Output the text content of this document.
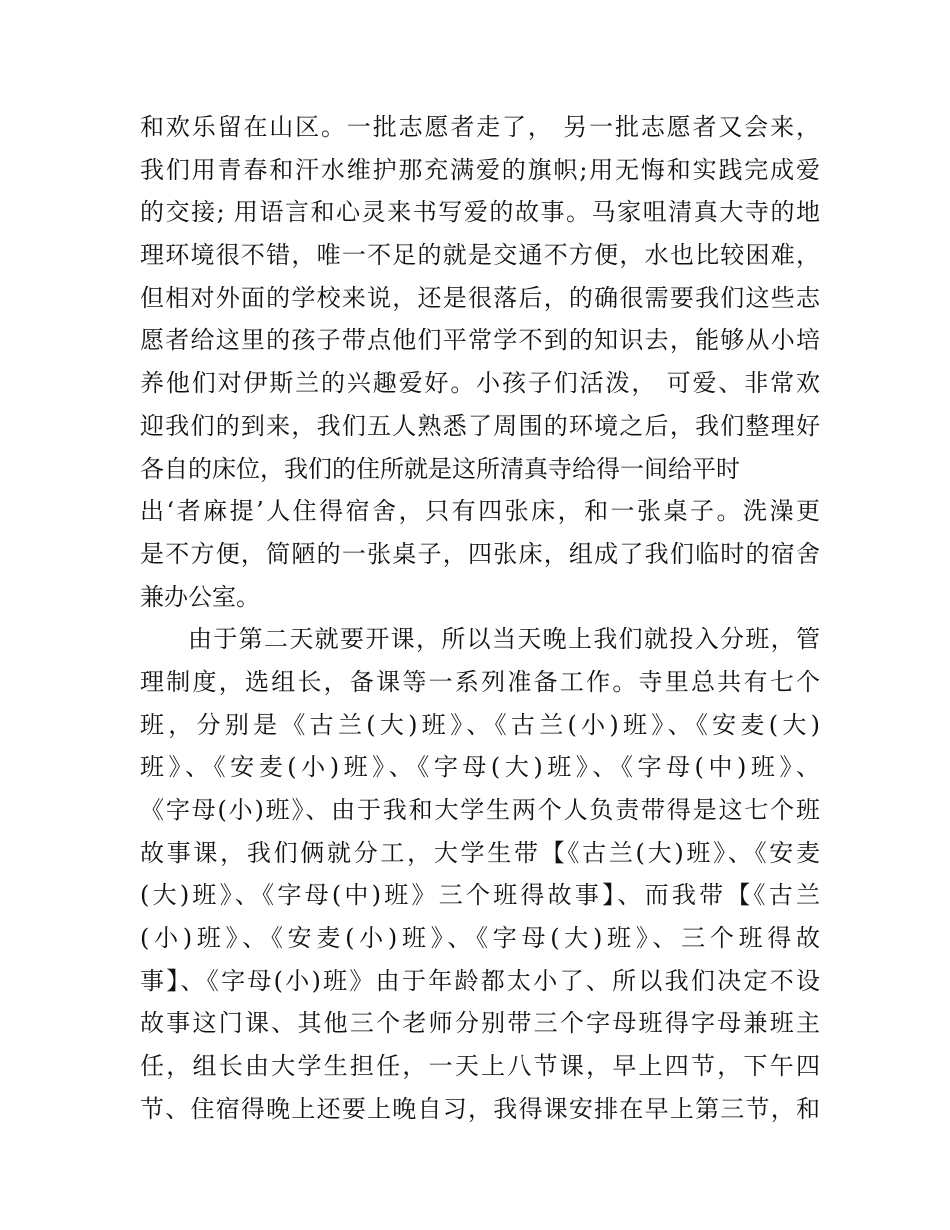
和欢乐留在山区。一批志愿者走了， 另一批志愿者又会来，
我们用青春和汗水维护那充满爱的旗帜;用无悔和实践完成爱
的交接; 用语言和心灵来书写爱的故事。马家咀清真大寺的地
理环境很不错，唯一不足的就是交通不方便，水也比较困难，
但相对外面的学校来说，还是很落后，的确很需要我们这些志
愿者给这里的孩子带点他们平常学不到的知识去，能够从小培
养他们对伊斯兰的兴趣爱好。小孩子们活泼， 可爱、非常欢
迎我们的到来，我们五人熟悉了周围的环境之后，我们整理好
各自的床位，我们的住所就是这所清真寺给得一间给平时
出‘者麻提’人住得宿舍，只有四张床，和一张桌子。洗澡更
是不方便，简陋的一张桌子，四张床，组成了我们临时的宿舍
兼办公室。
由于第二天就要开课，所以当天晚上我们就投入分班，管
理制度，选组长，备课等一系列准备工作。寺里总共有七个
班，分别是《古兰(大)班》、《古兰(小)班》、《安麦(大)
班》、《安麦(小)班》、《字母(大)班》、《字母(中)班》、
《字母(小)班》、由于我和大学生两个人负责带得是这七个班
故事课，我们俩就分工，大学生带【《古兰(大)班》、《安麦
(大)班》、《字母(中)班》三个班得故事】、而我带【《古兰
(小)班》、《安麦(小)班》、《字母(大)班》、三个班得故
事】、《字母(小)班》由于年龄都太小了、所以我们决定不设
故事这门课、其他三个老师分别带三个字母班得字母兼班主
任，组长由大学生担任，一天上八节课，早上四节，下午四
节、住宿得晚上还要上晚自习，我得课安排在早上第三节，和
